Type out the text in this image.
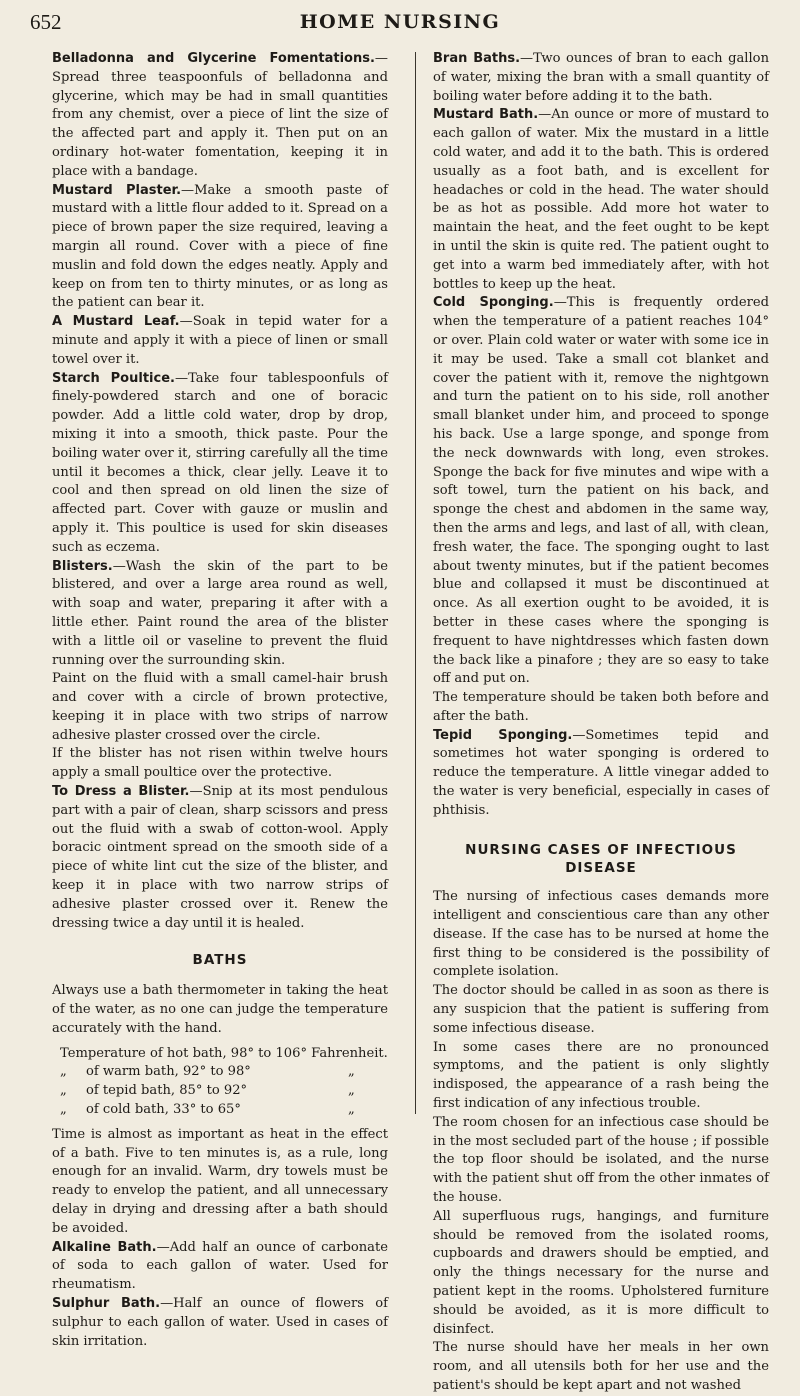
652	HOME NURSING

Belladonna and Glycerine Fomentations.—Spread three teaspoonfuls of belladonna and glycerine, which may be had in small quantities from any chemist, over a piece of lint the size of the affected part and apply it. Then put on an ordinary hot-water fomentation, keeping it in place with a bandage.

Mustard Plaster.—Make a smooth paste of mustard with a little flour added to it. Spread on a piece of brown paper the size required, leaving a margin all round. Cover with a piece of fine muslin and fold down the edges neatly. Apply and keep on from ten to thirty minutes, or as long as the patient can bear it.

A Mustard Leaf.—Soak in tepid water for a minute and apply it with a piece of linen or small towel over it.

Starch Poultice.—Take four tablespoonfuls of finely-powdered starch and one of boracic powder. Add a little cold water, drop by drop, mixing it into a smooth, thick paste. Pour the boiling water over it, stirring carefully all the time until it becomes a thick, clear jelly. Leave it to cool and then spread on old linen the size of affected part. Cover with gauze or muslin and apply it. This poultice is used for skin diseases such as eczema.

Blisters.—Wash the skin of the part to be blistered, and over a large area round as well, with soap and water, preparing it after with a little ether. Paint round the area of the blister with a little oil or vaseline to prevent the fluid running over the surrounding skin.

Paint on the fluid with a small camel-hair brush and cover with a circle of brown protective, keeping it in place with two strips of narrow adhesive plaster crossed over the circle.

If the blister has not risen within twelve hours apply a small poultice over the protective.

To Dress a Blister.—Snip at its most pendulous part with a pair of clean, sharp scissors and press out the fluid with a swab of cotton-wool. Apply boracic ointment spread on the smooth side of a piece of white lint cut the size of the blister, and keep it in place with two narrow strips of adhesive plaster crossed over it. Renew the dressing twice a day until it is healed.

BATHS

Always use a bath thermometer in taking the heat of the water, as no one can judge the temperature accurately with the hand.

Temperature of hot bath, 98° to 106° Fahrenheit.
„	of warm bath, 92° to 98°	„
„	of tepid bath, 85° to 92°	„
„	of cold bath, 33° to 65°	„

Time is almost as important as heat in the effect of a bath. Five to ten minutes is, as a rule, long enough for an invalid. Warm, dry towels must be ready to envelop the patient, and all unnecessary delay in drying and dressing after a bath should be avoided.

Alkaline Bath.—Add half an ounce of carbonate of soda to each gallon of water. Used for rheumatism.

Sulphur Bath.—Half an ounce of flowers of sulphur to each gallon of water. Used in cases of skin irritation.

Bran Baths.—Two ounces of bran to each gallon of water, mixing the bran with a small quantity of boiling water before adding it to the bath.

Mustard Bath.—An ounce or more of mustard to each gallon of water. Mix the mustard in a little cold water, and add it to the bath. This is ordered usually as a foot bath, and is excellent for headaches or cold in the head. The water should be as hot as possible. Add more hot water to maintain the heat, and the feet ought to be kept in until the skin is quite red. The patient ought to get into a warm bed immediately after, with hot bottles to keep up the heat.

Cold Sponging.—This is frequently ordered when the temperature of a patient reaches 104° or over. Plain cold water or water with some ice in it may be used. Take a small cot blanket and cover the patient with it, remove the nightgown and turn the patient on to his side, roll another small blanket under him, and proceed to sponge his back. Use a large sponge, and sponge from the neck downwards with long, even strokes. Sponge the back for five minutes and wipe with a soft towel, turn the patient on his back, and sponge the chest and abdomen in the same way, then the arms and legs, and last of all, with clean, fresh water, the face. The sponging ought to last about twenty minutes, but if the patient becomes blue and collapsed it must be discontinued at once. As all exertion ought to be avoided, it is better in these cases where the sponging is frequent to have nightdresses which fasten down the back like a pinafore ; they are so easy to take off and put on.

The temperature should be taken both before and after the bath.

Tepid Sponging.—Sometimes tepid and sometimes hot water sponging is ordered to reduce the temperature. A little vinegar added to the water is very beneficial, especially in cases of phthisis.

NURSING CASES OF INFECTIOUS DISEASE

The nursing of infectious cases demands more intelligent and conscientious care than any other disease. If the case has to be nursed at home the first thing to be considered is the possibility of complete isolation.

The doctor should be called in as soon as there is any suspicion that the patient is suffering from some infectious disease.

In some cases there are no pronounced symptoms, and the patient is only slightly indisposed, the appearance of a rash being the first indication of any infectious trouble.

The room chosen for an infectious case should be in the most secluded part of the house ; if possible the top floor should be isolated, and the nurse with the patient shut off from the other inmates of the house.

All superfluous rugs, hangings, and furniture should be removed from the isolated rooms, cupboards and drawers should be emptied, and only the things necessary for the nurse and patient kept in the rooms. Upholstered furniture should be avoided, as it is more difficult to disinfect.

The nurse should have her meals in her own room, and all utensils both for her use and the patient's should be kept apart and not washed
